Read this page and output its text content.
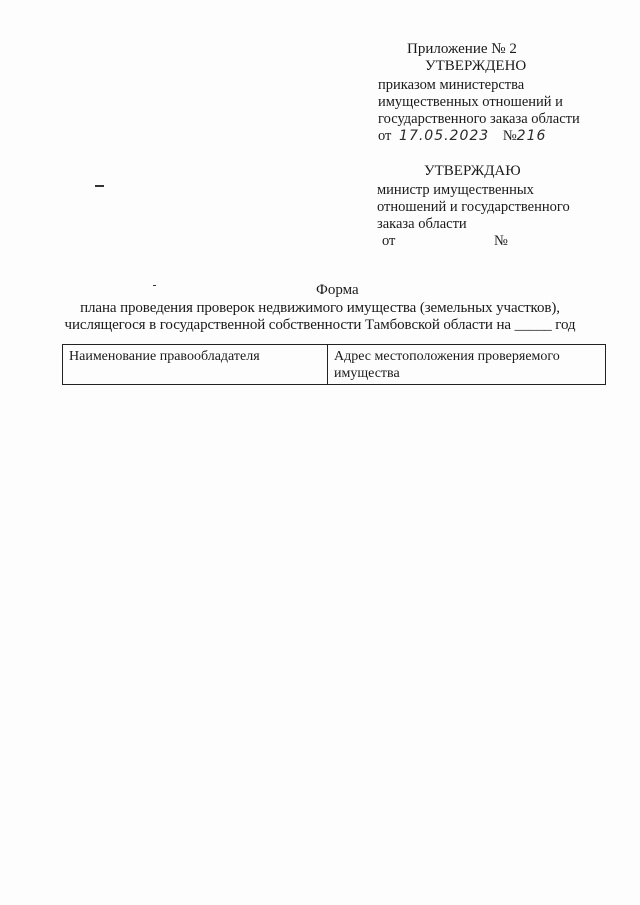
Приложение № 2
УТВЕРЖДЕНО
приказом министерства
имущественных отношений и
государственного заказа области
от 17.05.2023 №216
УТВЕРЖДАЮ
министр имущественных
отношений и государственного
заказа области
от	№
Форма
плана проведения проверок недвижимого имущества (земельных участков),
числящегося в государственной собственности Тамбовской области на _____ год
Наименование правообладателя	Адрес местоположения проверяемого имущества
